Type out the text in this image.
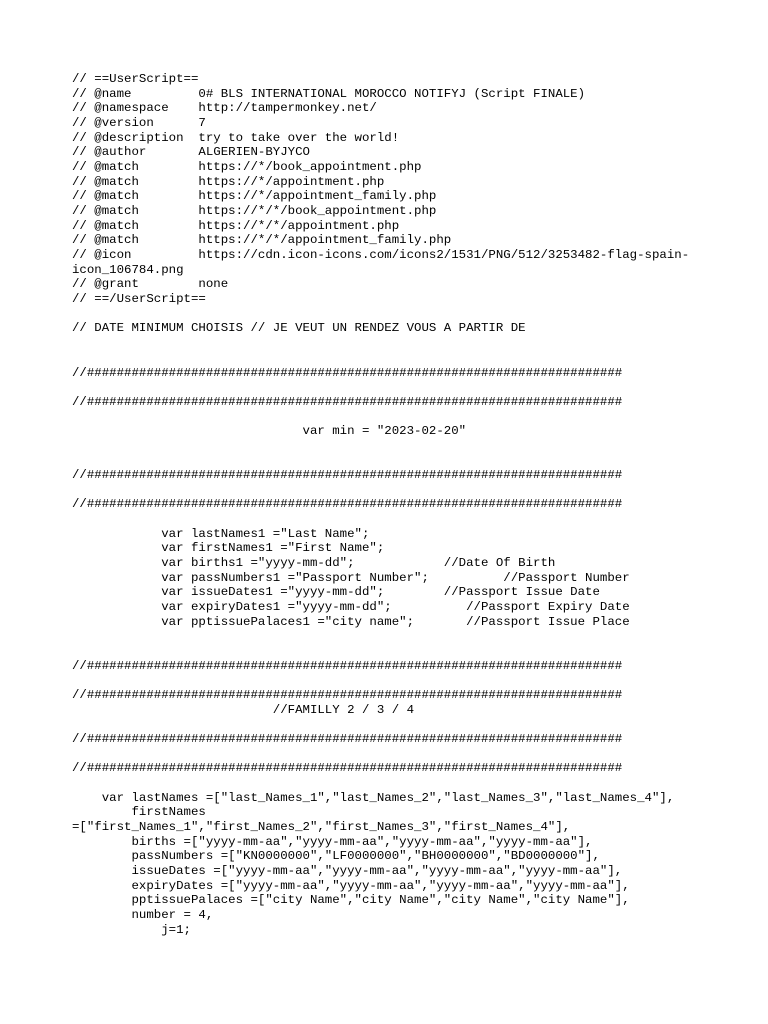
// ==UserScript==
// @name         0# BLS INTERNATIONAL MOROCCO NOTIFYJ (Script FINALE)
// @namespace    http://tampermonkey.net/
// @version      7
// @description  try to take over the world!
// @author       ALGERIEN-BYJYCO
// @match        https://*/book_appointment.php
// @match        https://*/appointment.php
// @match        https://*/appointment_family.php
// @match        https://*/*/book_appointment.php
// @match        https://*/*/appointment.php
// @match        https://*/*/appointment_family.php
// @icon         https://cdn.icon-icons.com/icons2/1531/PNG/512/3253482-flag-spain-
icon_106784.png
// @grant        none
// ==/UserScript==
// DATE MINIMUM CHOISIS // JE VEUT UN RENDEZ VOUS A PARTIR DE
//########################################################################
//########################################################################
var min = "2023-02-20"
//########################################################################
//########################################################################
var lastNames1 ="Last Name";
var firstNames1 ="First Name";
var births1 ="yyyy-mm-dd";            //Date Of Birth
var passNumbers1 ="Passport Number";          //Passport Number
var issueDates1 ="yyyy-mm-dd";        //Passport Issue Date
var expiryDates1 ="yyyy-mm-dd";          //Passport Expiry Date
var pptissuePalaces1 ="city name";       //Passport Issue Place
//########################################################################
//########################################################################
//FAMILLY 2 / 3 / 4
//########################################################################
//########################################################################
var lastNames =["last_Names_1","last_Names_2","last_Names_3","last_Names_4"],
firstNames
=["first_Names_1","first_Names_2","first_Names_3","first_Names_4"],
births =["yyyy-mm-aa","yyyy-mm-aa","yyyy-mm-aa","yyyy-mm-aa"],
passNumbers =["KN0000000","LF0000000","BH0000000","BD0000000"],
issueDates =["yyyy-mm-aa","yyyy-mm-aa","yyyy-mm-aa","yyyy-mm-aa"],
expiryDates =["yyyy-mm-aa","yyyy-mm-aa","yyyy-mm-aa","yyyy-mm-aa"],
pptissuePalaces =["city Name","city Name","city Name","city Name"],
number = 4,
j=1;
